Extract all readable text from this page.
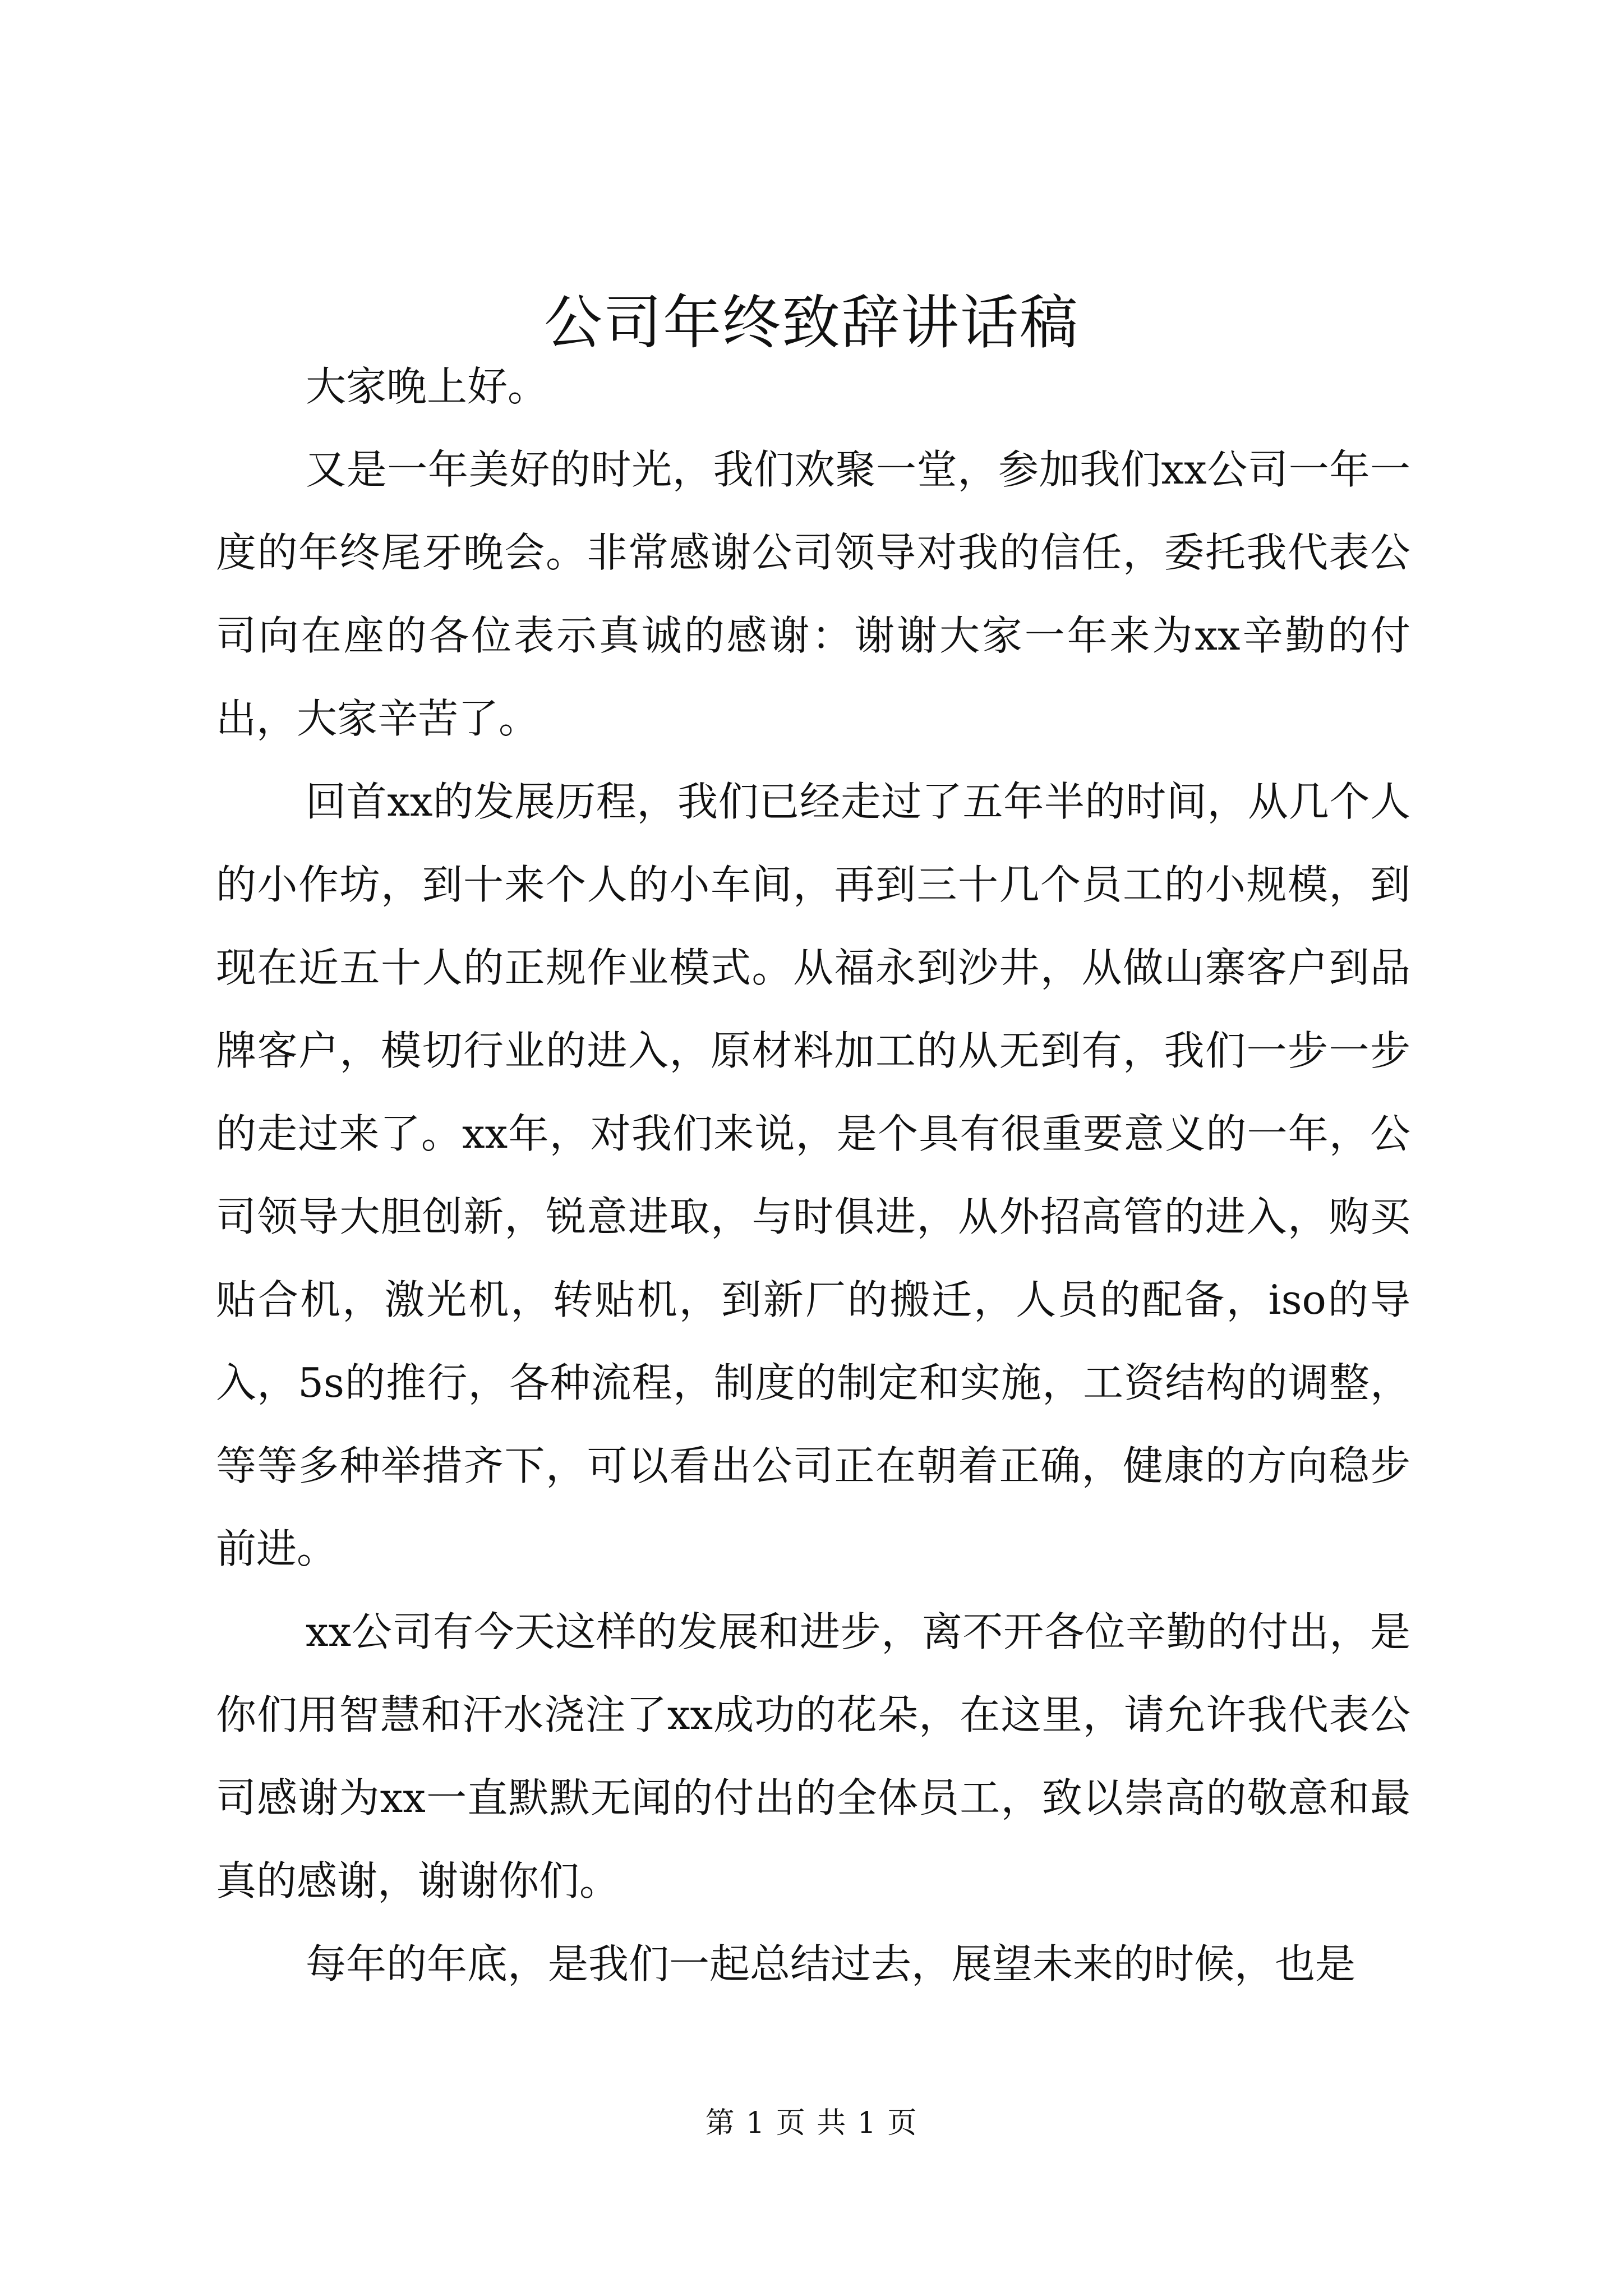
公司年终致辞讲话稿

大家晚上好。

又是一年美好的时光，我们欢聚一堂，参加我们xx公司一年一度的年终尾牙晚会。非常感谢公司领导对我的信任，委托我代表公司向在座的各位表示真诚的感谢：谢谢大家一年来为xx辛勤的付出，大家辛苦了。

回首xx的发展历程，我们已经走过了五年半的时间，从几个人的小作坊，到十来个人的小车间，再到三十几个员工的小规模，到现在近五十人的正规作业模式。从福永到沙井，从做山寨客户到品牌客户，模切行业的进入，原材料加工的从无到有，我们一步一步的走过来了。xx年，对我们来说，是个具有很重要意义的一年，公司领导大胆创新，锐意进取，与时俱进，从外招高管的进入，购买贴合机，激光机，转贴机，到新厂的搬迁，人员的配备，iso的导入，5s的推行，各种流程，制度的制定和实施，工资结构的调整，等等多种举措齐下，可以看出公司正在朝着正确，健康的方向稳步前进。

xx公司有今天这样的发展和进步，离不开各位辛勤的付出，是你们用智慧和汗水浇注了xx成功的花朵，在这里，请允许我代表公司感谢为xx一直默默无闻的付出的全体员工，致以崇高的敬意和最真的感谢，谢谢你们。

每年的年底，是我们一起总结过去，展望未来的时候，也是

第 1 页 共 1 页
